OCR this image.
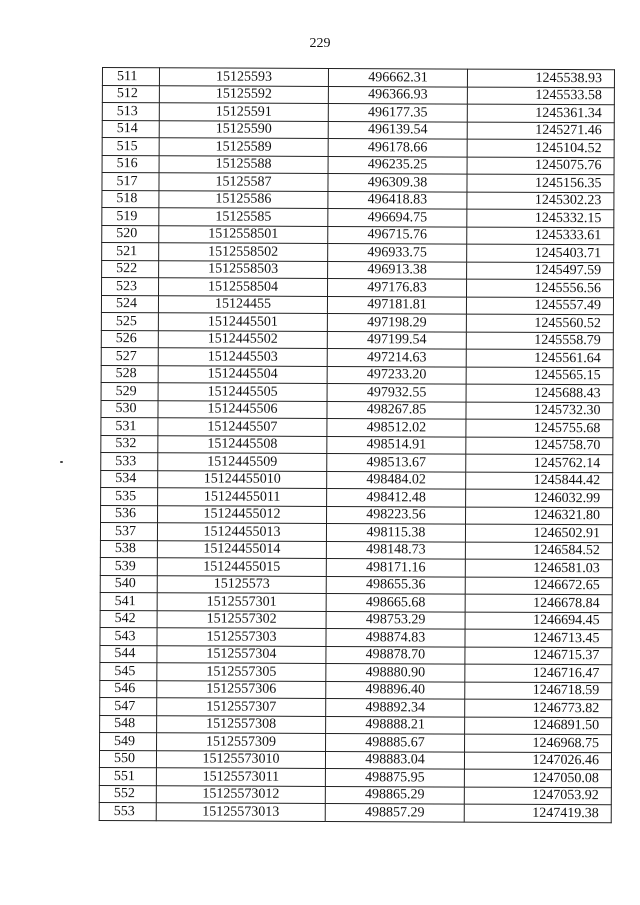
229
511	15125593	496662.31	1245538.93
512	15125592	496366.93	1245533.58
513	15125591	496177.35	1245361.34
514	15125590	496139.54	1245271.46
515	15125589	496178.66	1245104.52
516	15125588	496235.25	1245075.76
517	15125587	496309.38	1245156.35
518	15125586	496418.83	1245302.23
519	15125585	496694.75	1245332.15
520	1512558501	496715.76	1245333.61
521	1512558502	496933.75	1245403.71
522	1512558503	496913.38	1245497.59
523	1512558504	497176.83	1245556.56
524	15124455	497181.81	1245557.49
525	1512445501	497198.29	1245560.52
526	1512445502	497199.54	1245558.79
527	1512445503	497214.63	1245561.64
528	1512445504	497233.20	1245565.15
529	1512445505	497932.55	1245688.43
530	1512445506	498267.85	1245732.30
531	1512445507	498512.02	1245755.68
532	1512445508	498514.91	1245758.70
533	1512445509	498513.67	1245762.14
534	15124455010	498484.02	1245844.42
535	15124455011	498412.48	1246032.99
536	15124455012	498223.56	1246321.80
537	15124455013	498115.38	1246502.91
538	15124455014	498148.73	1246584.52
539	15124455015	498171.16	1246581.03
540	15125573	498655.36	1246672.65
541	1512557301	498665.68	1246678.84
542	1512557302	498753.29	1246694.45
543	1512557303	498874.83	1246713.45
544	1512557304	498878.70	1246715.37
545	1512557305	498880.90	1246716.47
546	1512557306	498896.40	1246718.59
547	1512557307	498892.34	1246773.82
548	1512557308	498888.21	1246891.50
549	1512557309	498885.67	1246968.75
550	15125573010	498883.04	1247026.46
551	15125573011	498875.95	1247050.08
552	15125573012	498865.29	1247053.92
553	15125573013	498857.29	1247419.38
